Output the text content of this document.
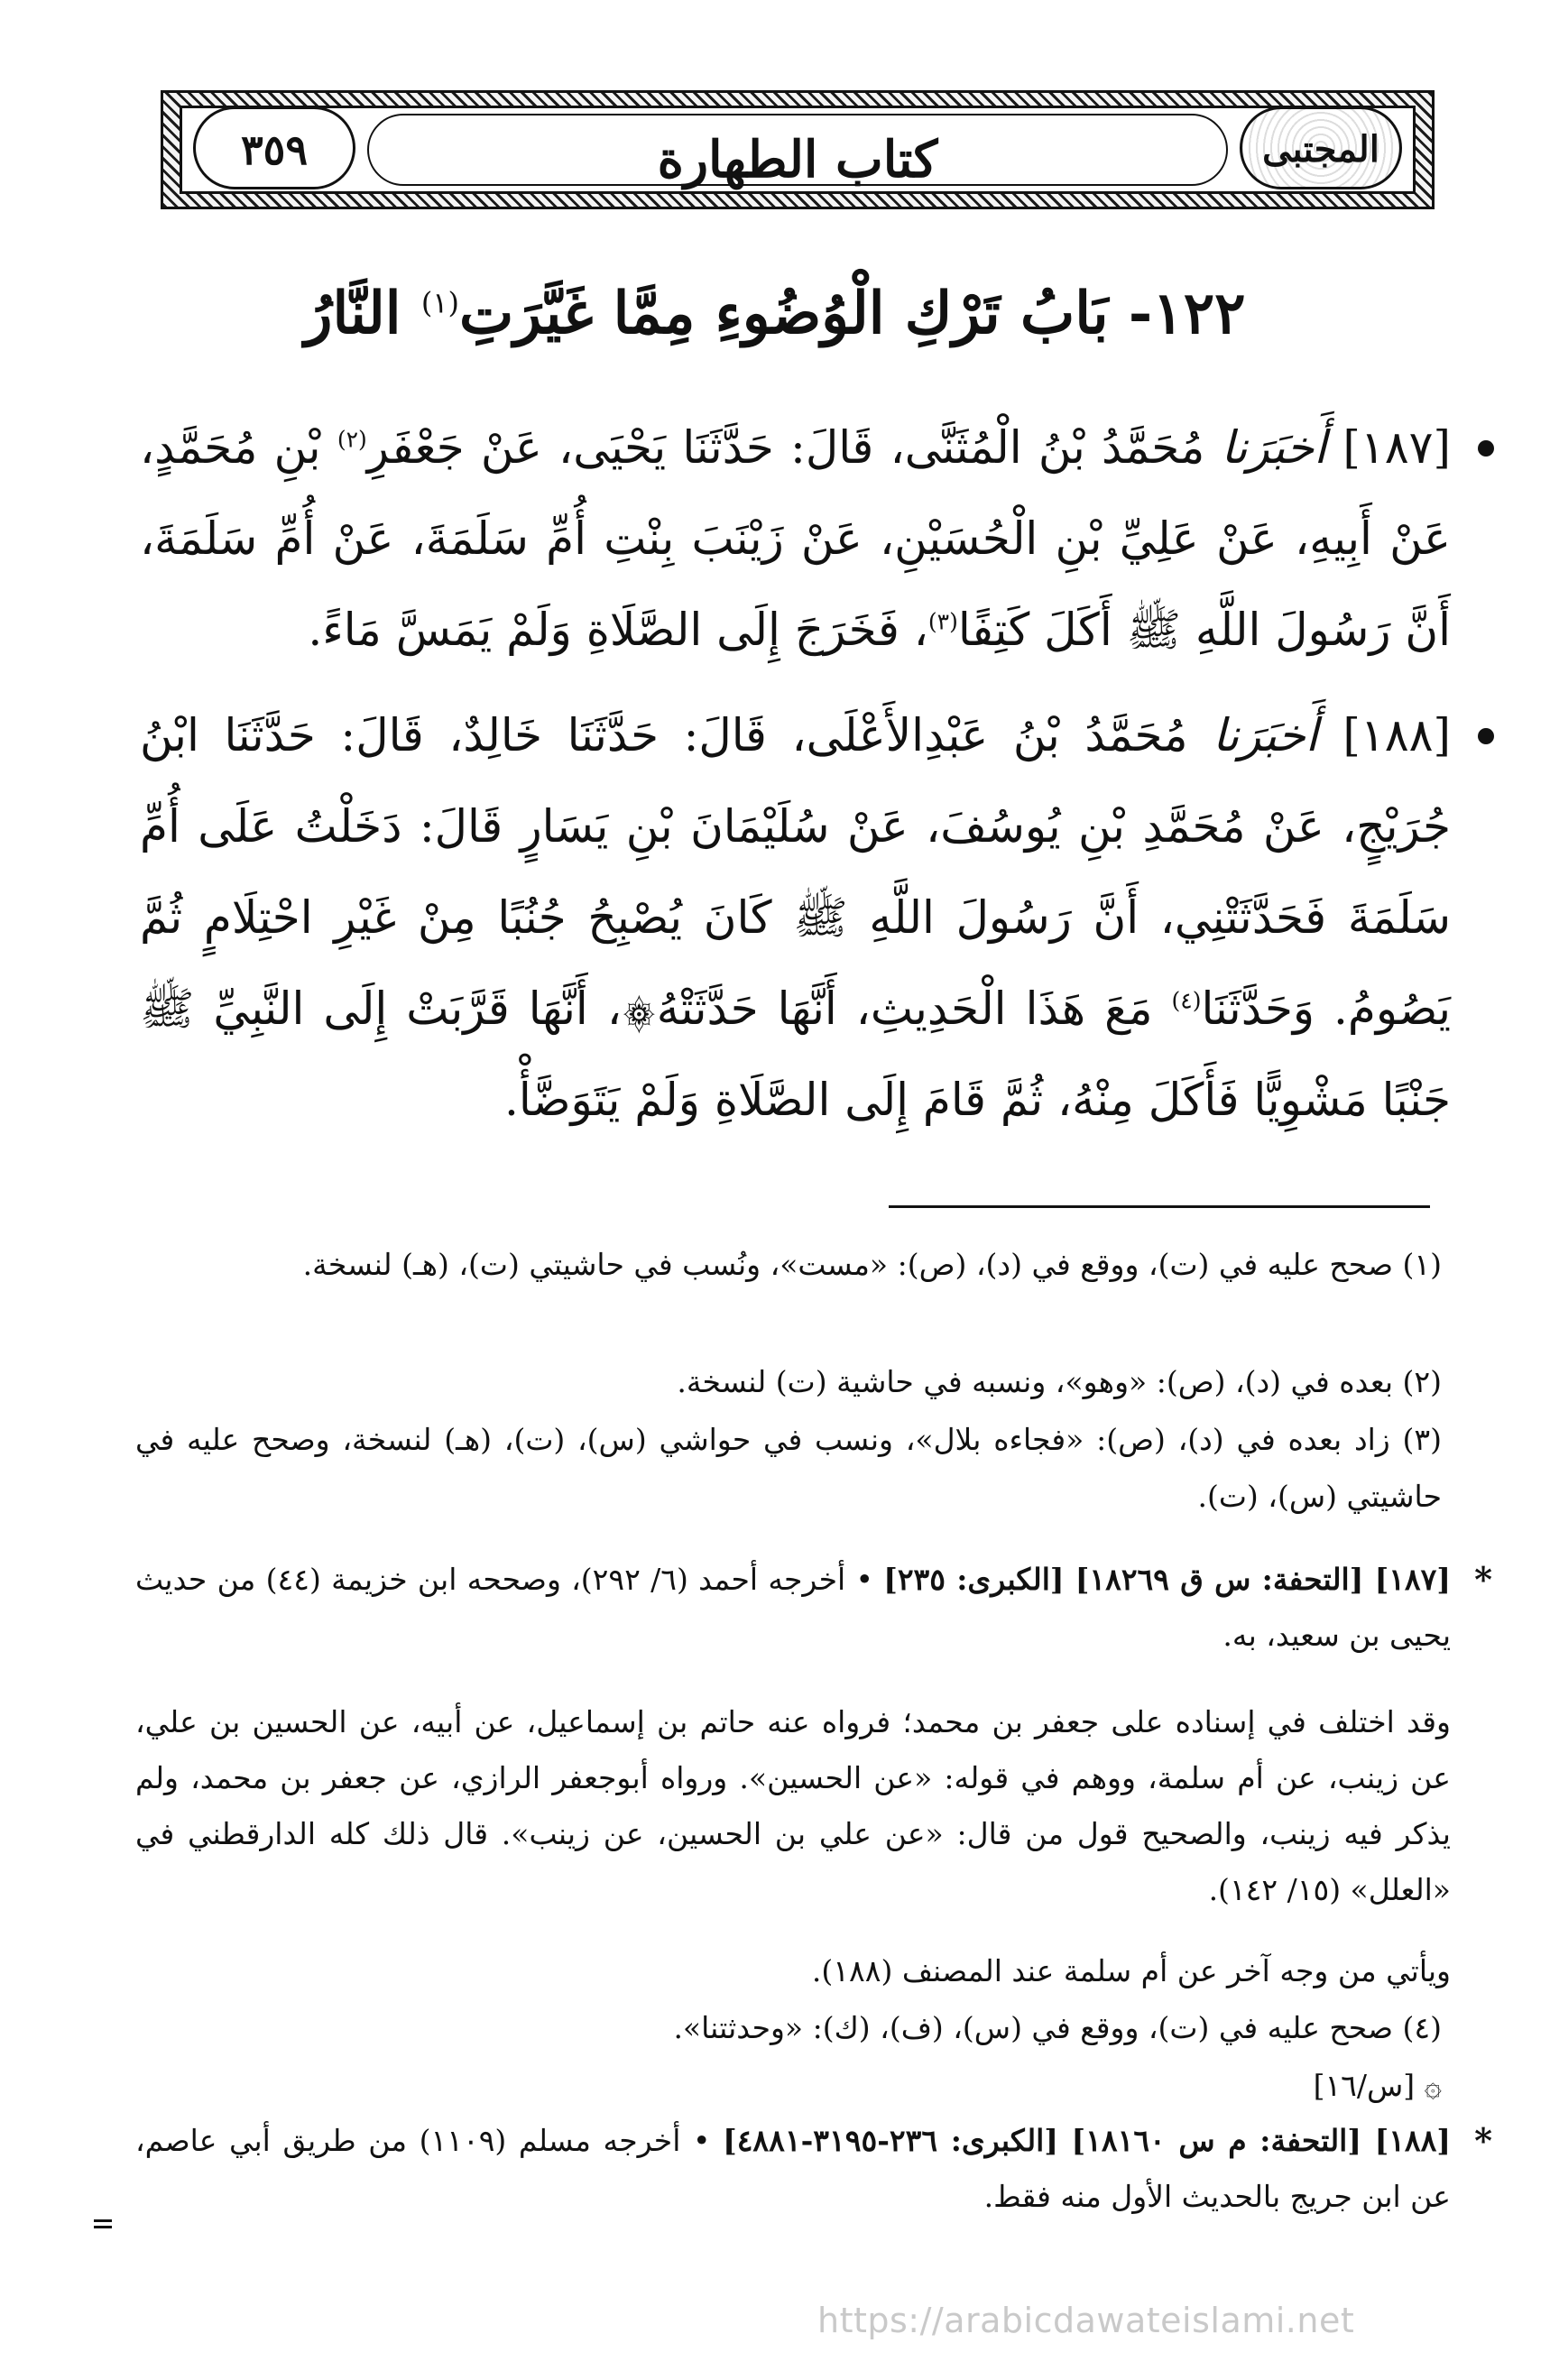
٣٥٩	كتاب الطهارة	المجتبى
١٢٢- بَابُ تَرْكِ الْوُضُوءِ مِمَّا غَيَّرَتِ$^{(١)}$ النَّارُ
[١٨٧] أَخبَرَنا مُحَمَّدُ بْنُ الْمُثَنَّى، قَالَ: حَدَّثَنَا يَحْيَى، عَنْ جَعْفَرِ$^{(٢)}$ بْنِ مُحَمَّدٍ، عَنْ أَبِيهِ، عَنْ عَلِيِّ بْنِ الْحُسَيْنِ، عَنْ زَيْنَبَ بِنْتِ أُمِّ سَلَمَةَ، عَنْ أُمِّ سَلَمَةَ، أَنَّ رَسُولَ اللَّهِ ﷺ أَكَلَ كَتِفًا$^{(٣)}$، فَخَرَجَ إِلَى الصَّلَاةِ وَلَمْ يَمَسَّ مَاءً.
[١٨٨] أَخبَرَنا مُحَمَّدُ بْنُ عَبْدِالأَعْلَى، قَالَ: حَدَّثَنَا خَالِدٌ، قَالَ: حَدَّثَنَا ابْنُ جُرَيْجٍ، عَنْ مُحَمَّدِ بْنِ يُوسُفَ، عَنْ سُلَيْمَانَ بْنِ يَسَارٍ قَالَ: دَخَلْتُ عَلَى أُمِّ سَلَمَةَ فَحَدَّثَتْنِي، أَنَّ رَسُولَ اللَّهِ ﷺ كَانَ يُصْبِحُ جُنُبًا مِنْ غَيْرِ احْتِلَامٍ ثُمَّ يَصُومُ. وَحَدَّثَنَا$^{(٤)}$ مَعَ هَذَا الْحَدِيثِ، أَنَّهَا حَدَّثَتْهُ۞، أَنَّهَا قَرَّبَتْ إِلَى النَّبِيِّ ﷺ جَنْبًا مَشْوِيًّا فَأَكَلَ مِنْهُ، ثُمَّ قَامَ إِلَى الصَّلَاةِ وَلَمْ يَتَوَضَّأْ.
(١) صحح عليه في (ت)، ووقع في (د)، (ص): «مست»، ونُسب في حاشيتي (ت)، (هـ) لنسخة.
(٢) بعده في (د)، (ص): «وهو»، ونسبه في حاشية (ت) لنسخة.
(٣) زاد بعده في (د)، (ص): «فجاءه بلال»، ونسب في حواشي (س)، (ت)، (هـ) لنسخة، وصحح عليه في حاشيتي (س)، (ت).
*
[١٨٧] [التحفة: س ق ١٨٢٦٩] [الكبرى: ٢٣٥] • أخرجه أحمد (٦/ ٢٩٢)، وصححه ابن خزيمة (٤٤) من حديث يحيى بن سعيد، به.
وقد اختلف في إسناده على جعفر بن محمد؛ فرواه عنه حاتم بن إسماعيل، عن أبيه، عن الحسين بن علي، عن زينب، عن أم سلمة، ووهم في قوله: «عن الحسين». ورواه أبوجعفر الرازي، عن جعفر بن محمد، ولم يذكر فيه زينب، والصحيح قول من قال: «عن علي بن الحسين، عن زينب». قال ذلك كله الدارقطني في «العلل» (١٥/ ١٤٢).
ويأتي من وجه آخر عن أم سلمة عند المصنف (١٨٨).
(٤) صحح عليه في (ت)، ووقع في (س)، (ف)، (ك): «وحدثتنا».
۞ [س/١٦]
*
[١٨٨] [التحفة: م س ١٨١٦٠] [الكبرى: ٢٣٦-٣١٩٥-٤٨٨١] • أخرجه مسلم (١١٠٩) من طريق أبي عاصم، عن ابن جريج بالحديث الأول منه فقط.
https://arabicdawateislami.net
